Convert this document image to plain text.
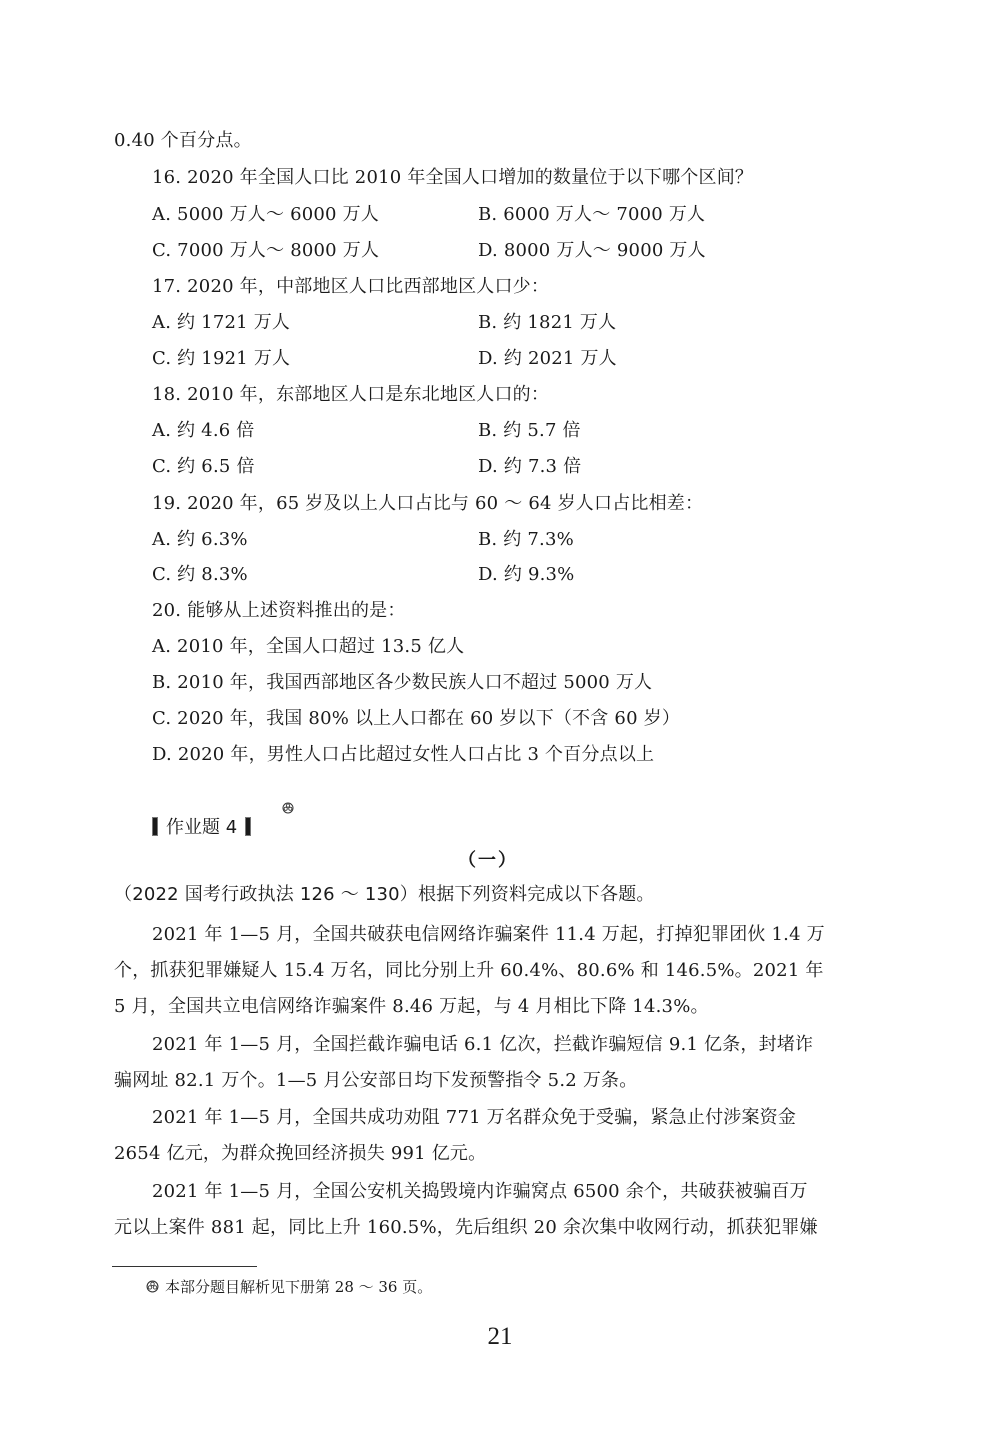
0.40 个百分点。
16. 2020 年全国人口比 2010 年全国人口增加的数量位于以下哪个区间？
A. 5000 万人～ 6000 万人	B. 6000 万人～ 7000 万人
C. 7000 万人～ 8000 万人	D. 8000 万人～ 9000 万人
17. 2020 年，中部地区人口比西部地区人口少：
A. 约 1721 万人	B. 约 1821 万人
C. 约 1921 万人	D. 约 2021 万人
18. 2010 年，东部地区人口是东北地区人口的：
A. 约 4.6 倍	B. 约 5.7 倍
C. 约 6.5 倍	D. 约 7.3 倍
19. 2020 年，65 岁及以上人口占比与 60 ～ 64 岁人口占比相差：
A. 约 6.3%	B. 约 7.3%
C. 约 8.3%	D. 约 9.3%
20. 能够从上述资料推出的是：
A. 2010 年，全国人口超过 13.5 亿人
B. 2010 年，我国西部地区各少数民族人口不超过 5000 万人
C. 2020 年，我国 80% 以上人口都在 60 岁以下（不含 60 岁）
D. 2020 年，男性人口占比超过女性人口占比 3 个百分点以上
作业题 4
（一）
（2022 国考行政执法 126 ～ 130）根据下列资料完成以下各题。
2021 年 1—5 月，全国共破获电信网络诈骗案件 11.4 万起，打掉犯罪团伙 1.4 万
个，抓获犯罪嫌疑人 15.4 万名，同比分别上升 60.4%、80.6% 和 146.5%。2021 年
5 月，全国共立电信网络诈骗案件 8.46 万起，与 4 月相比下降 14.3%。
2021 年 1—5 月，全国拦截诈骗电话 6.1 亿次，拦截诈骗短信 9.1 亿条，封堵诈
骗网址 82.1 万个。1—5 月公安部日均下发预警指令 5.2 万条。
2021 年 1—5 月，全国共成功劝阻 771 万名群众免于受骗，紧急止付涉案资金
2654 亿元，为群众挽回经济损失 991 亿元。
2021 年 1—5 月，全国公安机关捣毁境内诈骗窝点 6500 余个，共破获被骗百万
元以上案件 881 起，同比上升 160.5%，先后组织 20 余次集中收网行动，抓获犯罪嫌
本部分题目解析见下册第 28 ～ 36 页。
21
